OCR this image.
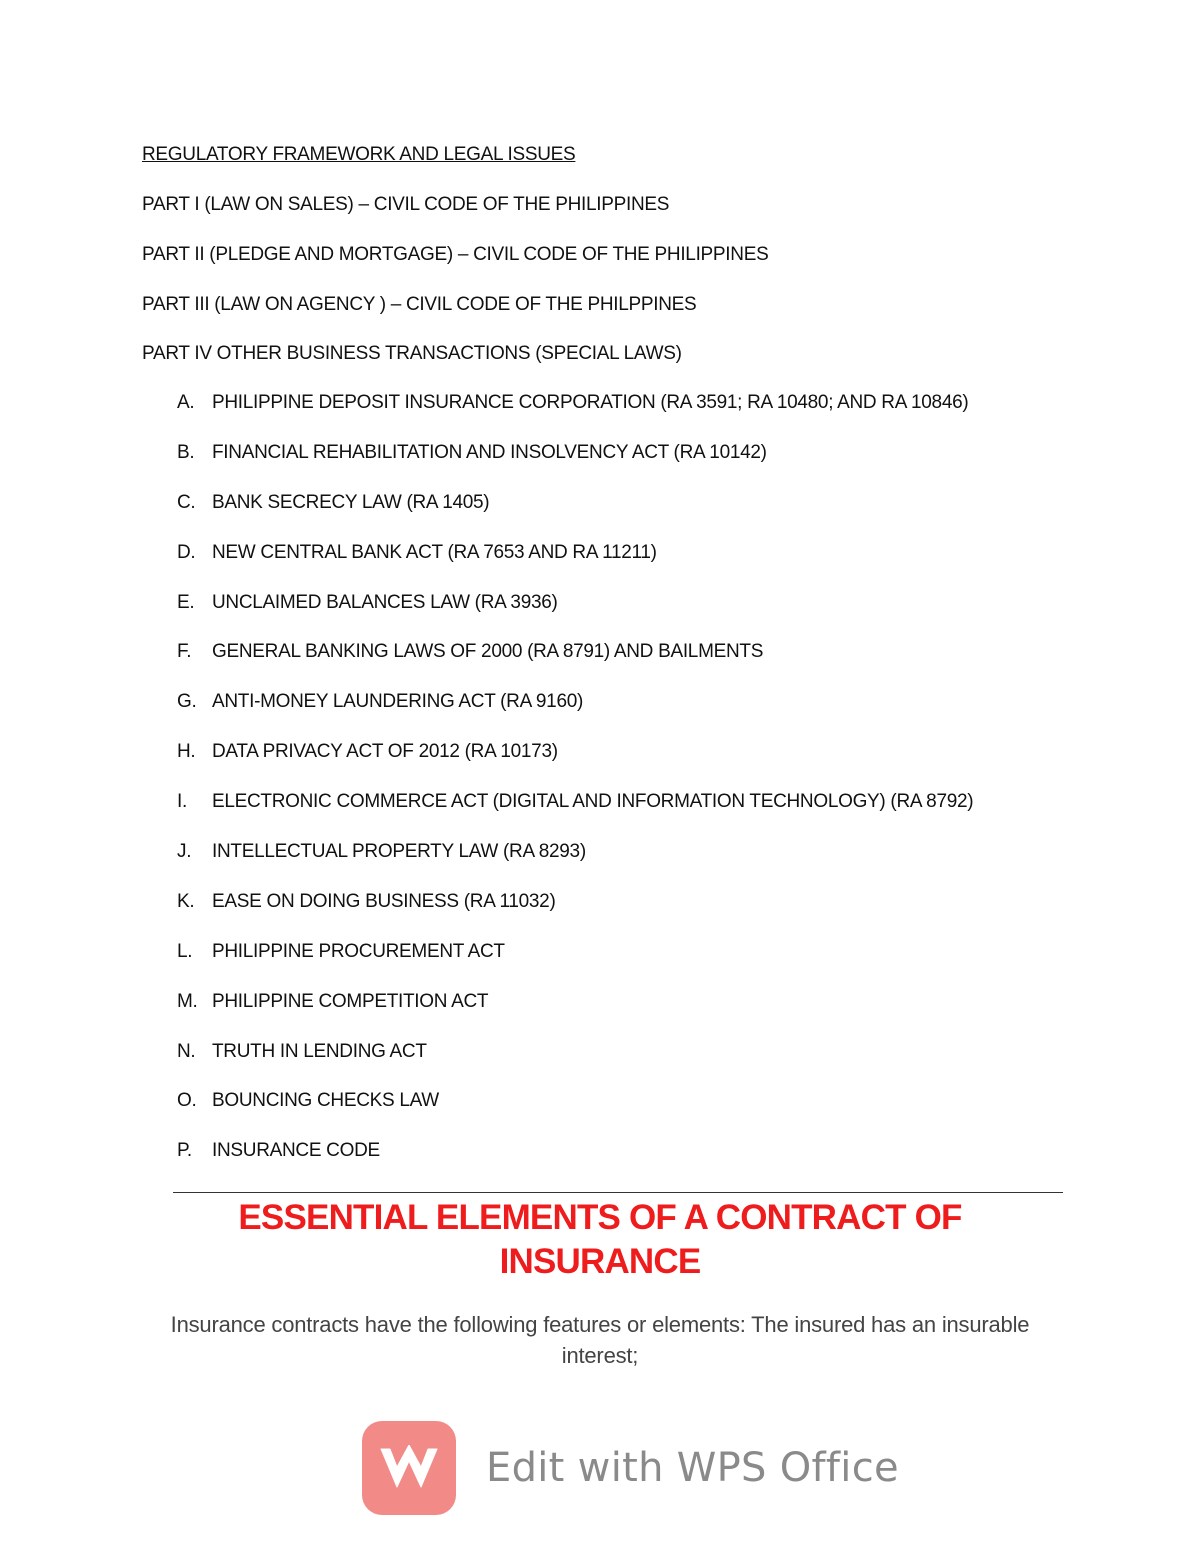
REGULATORY FRAMEWORK AND LEGAL ISSUES
PART I (LAW ON SALES) – CIVIL CODE OF THE PHILIPPINES
PART II (PLEDGE AND MORTGAGE) – CIVIL CODE OF THE PHILIPPINES
PART III (LAW ON AGENCY ) – CIVIL CODE OF THE PHILPPINES
PART IV OTHER BUSINESS TRANSACTIONS (SPECIAL LAWS)
A. PHILIPPINE DEPOSIT INSURANCE CORPORATION (RA 3591; RA 10480; AND RA 10846)
B. FINANCIAL REHABILITATION AND INSOLVENCY ACT (RA 10142)
C. BANK SECRECY LAW (RA 1405)
D. NEW CENTRAL BANK ACT (RA 7653 AND RA 11211)
E. UNCLAIMED BALANCES LAW (RA 3936)
F.	GENERAL BANKING LAWS OF 2000 (RA 8791) AND BAILMENTS
G. ANTI-MONEY LAUNDERING ACT (RA 9160)
H. DATA PRIVACY ACT OF 2012 (RA 10173)
I.	ELECTRONIC COMMERCE ACT (DIGITAL AND INFORMATION TECHNOLOGY) (RA 8792)
J.	INTELLECTUAL PROPERTY LAW (RA 8293)
K. EASE ON DOING BUSINESS (RA 11032)
L.	PHILIPPINE PROCUREMENT ACT
M. PHILIPPINE COMPETITION ACT
N. TRUTH IN LENDING ACT
O. BOUNCING CHECKS LAW
P.	INSURANCE CODE
ESSENTIAL ELEMENTS OF A CONTRACT OF
INSURANCE
Insurance contracts have the following features or elements: The insured has an insurable interest;
Edit with WPS Office
